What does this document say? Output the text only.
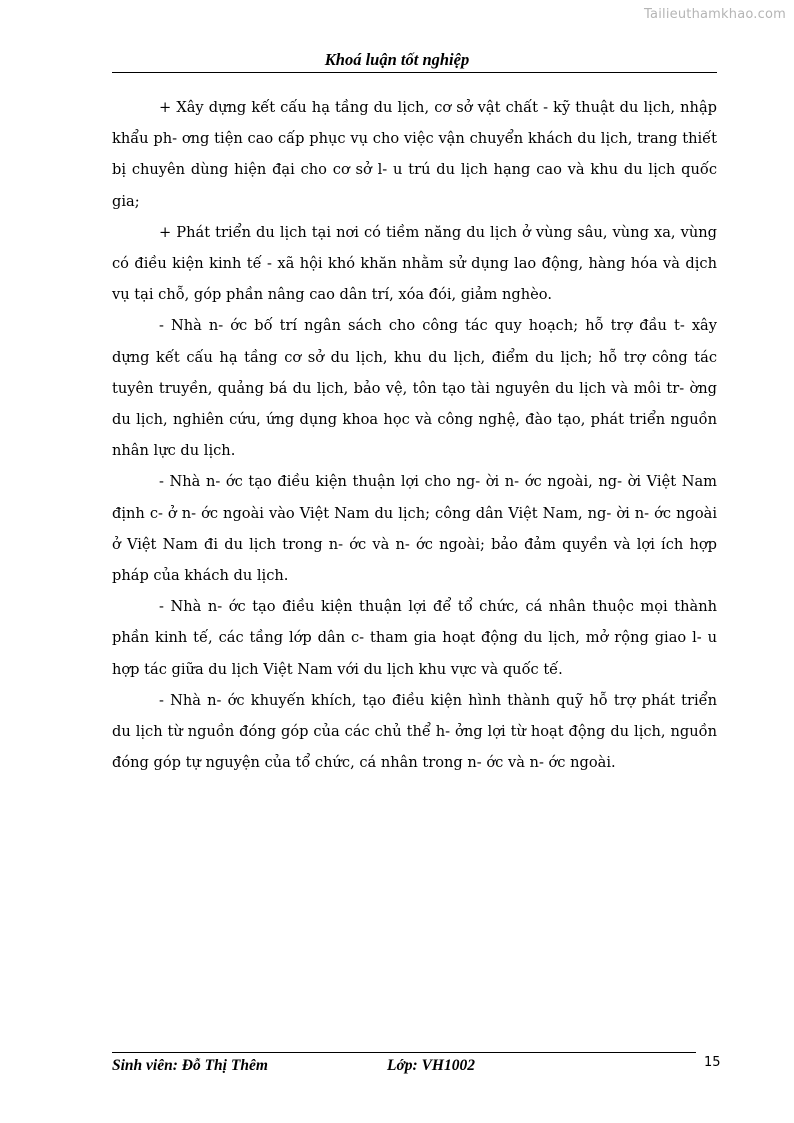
Tailieuthamkhao.com
Khoá luận tốt nghiệp

+ Xây dựng kết cấu hạ tầng du lịch, cơ sở vật chất - kỹ thuật du lịch, nhập khẩu ph- ơng tiện cao cấp phục vụ cho việc vận chuyển khách du lịch, trang thiết bị chuyên dùng hiện đại cho cơ sở l- u trú du lịch hạng cao và khu du lịch quốc gia;

+ Phát triển du lịch tại nơi có tiềm năng du lịch ở vùng sâu, vùng xa, vùng có điều kiện kinh tế - xã hội khó khăn nhằm sử dụng lao động, hàng hóa và dịch vụ tại chỗ, góp phần nâng cao dân trí, xóa đói, giảm nghèo.

- Nhà n- ớc bố trí ngân sách cho công tác quy hoạch; hỗ trợ đầu t- xây dựng kết cấu hạ tầng cơ sở du lịch, khu du lịch, điểm du lịch; hỗ trợ công tác tuyên truyền, quảng bá du lịch, bảo vệ, tôn tạo tài nguyên du lịch và môi tr- ờng du lịch, nghiên cứu, ứng dụng khoa học và công nghệ, đào tạo, phát triển nguồn nhân lực du lịch.

- Nhà n- ớc tạo điều kiện thuận lợi cho ng- ời n- ớc ngoài, ng- ời Việt Nam định c- ở n- ớc ngoài vào Việt Nam du lịch; công dân Việt Nam, ng- ời n- ớc ngoài ở Việt Nam đi du lịch trong n- ớc và n- ớc ngoài; bảo đảm quyền và lợi ích hợp pháp của khách du lịch.

- Nhà n- ớc tạo điều kiện thuận lợi để tổ chức, cá nhân thuộc mọi thành phần kinh tế, các tầng lớp dân c- tham gia hoạt động du lịch, mở rộng giao l- u hợp tác giữa du lịch Việt Nam với du lịch khu vực và quốc tế.

- Nhà n- ớc khuyến khích, tạo điều kiện hình thành quỹ hỗ trợ phát triển du lịch từ nguồn đóng góp của các chủ thể h- ởng lợi từ hoạt động du lịch, nguồn đóng góp tự nguyện của tổ chức, cá nhân trong n- ớc và n- ớc ngoài.

Sinh viên: Đỗ Thị Thêm	Lớp: VH1002	15
